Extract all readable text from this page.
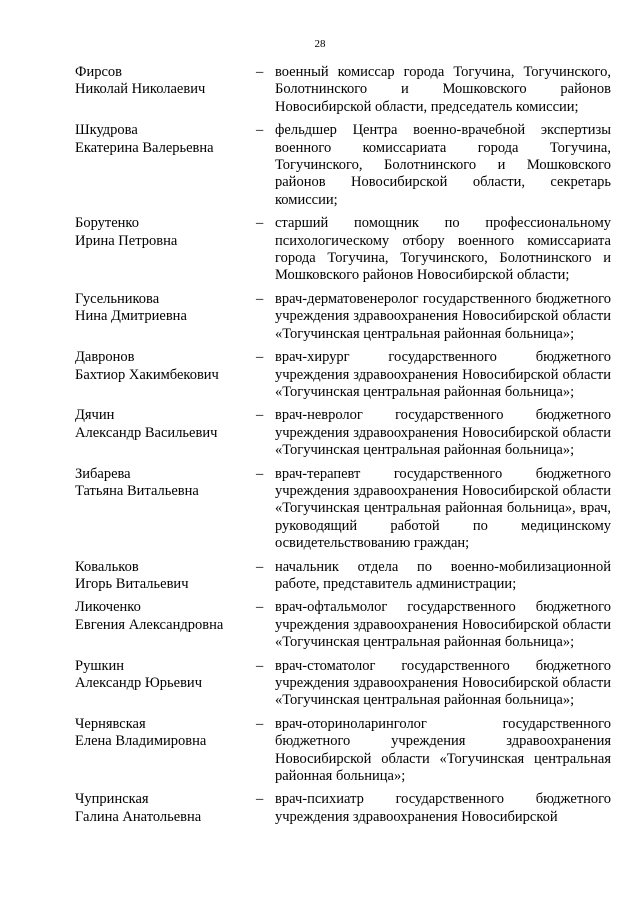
28
Фирсов
Николай Николаевич
– военный комиссар города Тогучина, Тогучинского, Болотнинского и Мошковского районов Новосибирской области, председатель комиссии;
Шкудрова
Екатерина Валерьевна
– фельдшер Центра военно-врачебной экспертизы военного комиссариата города Тогучина, Тогучинского, Болотнинского и Мошковского районов Новосибирской области, секретарь комиссии;
Борутенко
Ирина Петровна
– старший помощник по профессиональному психологическому отбору военного комиссариата города Тогучина, Тогучинского, Болотнинского и Мошковского районов Новосибирской области;
Гусельникова
Нина Дмитриевна
– врач-дерматовенеролог государственного бюджетного учреждения здравоохранения Новосибирской области «Тогучинская центральная районная больница»;
Давронов
Бахтиор Хакимбекович
– врач-хирург государственного бюджетного учреждения здравоохранения Новосибирской области «Тогучинская центральная районная больница»;
Дячин
Александр Васильевич
– врач-невролог государственного бюджетного учреждения здравоохранения Новосибирской области «Тогучинская центральная районная больница»;
Зибарева
Татьяна Витальевна
– врач-терапевт государственного бюджетного учреждения здравоохранения Новосибирской области «Тогучинская центральная районная больница», врач, руководящий работой по медицинскому освидетельствованию граждан;
Ковальков
Игорь Витальевич
– начальник отдела по военно-мобилизационной работе, представитель администрации;
Ликоченко
Евгения Александровна
– врач-офтальмолог государственного бюджетного учреждения здравоохранения Новосибирской области «Тогучинская центральная районная больница»;
Рушкин
Александр Юрьевич
– врач-стоматолог государственного бюджетного учреждения здравоохранения Новосибирской области «Тогучинская центральная районная больница»;
Чернявская
Елена Владимировна
– врач-оториноларинголог государственного бюджетного учреждения здравоохранения Новосибирской области «Тогучинская центральная районная больница»;
Чупринская
Галина Анатольевна
– врач-психиатр государственного бюджетного учреждения здравоохранения Новосибирской
